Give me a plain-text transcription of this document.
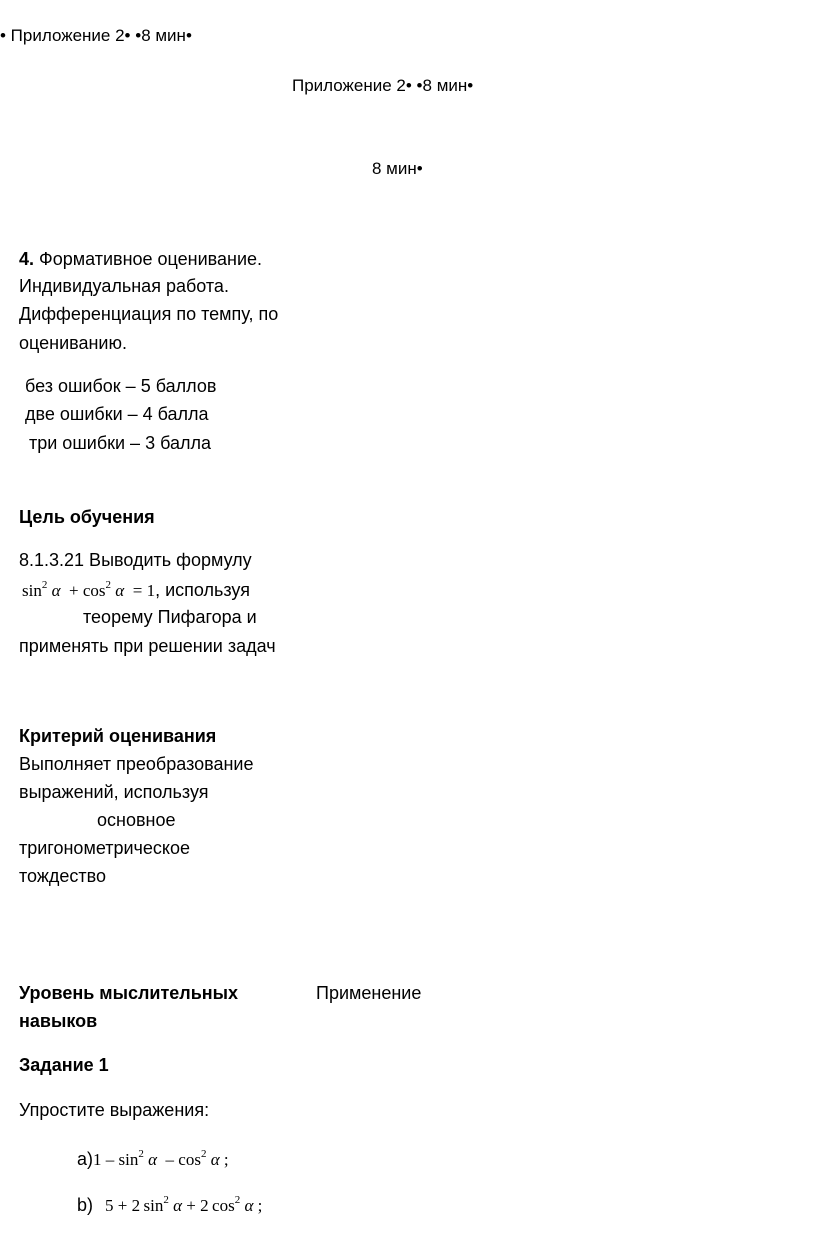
• Приложение 2• •8 мин•
Приложение 2• •8 мин•
8 мин•
4. Формативное оценивание.
Индивидуальная работа.
Дифференциация по темпу, по
оцениванию.
без ошибок – 5 баллов
две ошибки – 4 балла
три ошибки – 3 балла
Цель обучения
8.1.3.21 Выводить формулу
$\sin^2 \alpha + \cos^2 \alpha = 1$, используя
теорему Пифагора и
применять при решении задач
Критерий оценивания
Выполняет преобразование
выражений, используя
основное
тригонометрическое
тождество
Уровень мыслительных
навыков
Применение
Задание 1
Упростите выражения:
$a)1 - \sin^2 \alpha - \cos^2 \alpha$ ;
b) 5 + 2  $\sin^2 \alpha + 2$  $\cos^2 \alpha$ ;
